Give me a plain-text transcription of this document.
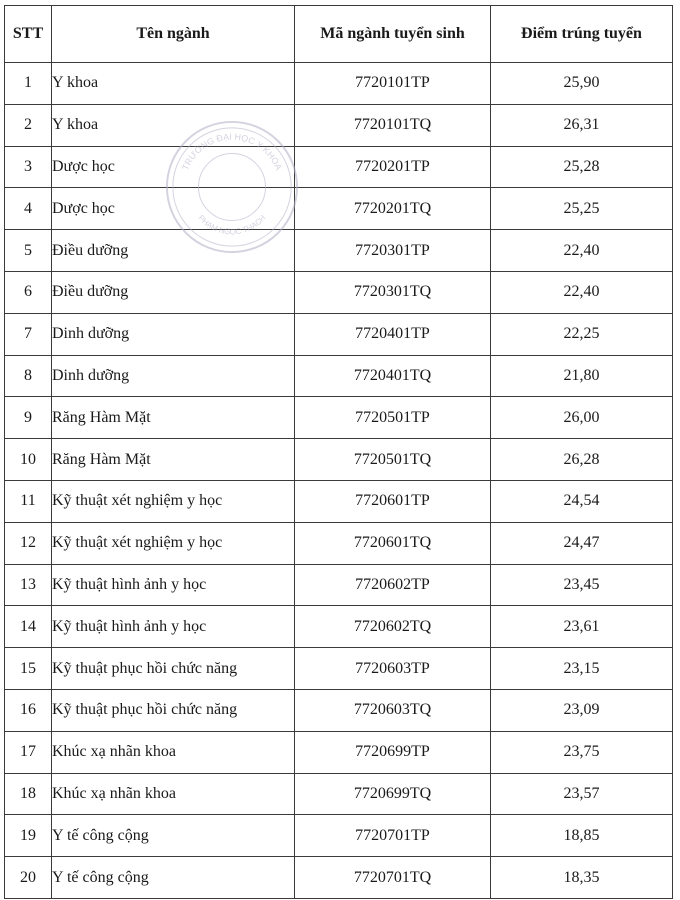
STT	Tên ngành	Mã ngành tuyển sinh	Điểm trúng tuyển
1	Y khoa	7720101TP	25,90
2	Y khoa	7720101TQ	26,31
3	Dược học	7720201TP	25,28
4	Dược học	7720201TQ	25,25
5	Điều dưỡng	7720301TP	22,40
6	Điều dưỡng	7720301TQ	22,40
7	Dinh dưỡng	7720401TP	22,25
8	Dinh dưỡng	7720401TQ	21,80
9	Răng Hàm Mặt	7720501TP	26,00
10	Răng Hàm Mặt	7720501TQ	26,28
11	Kỹ thuật xét nghiệm y học	7720601TP	24,54
12	Kỹ thuật xét nghiệm y học	7720601TQ	24,47
13	Kỹ thuật hình ảnh y học	7720602TP	23,45
14	Kỹ thuật hình ảnh y học	7720602TQ	23,61
15	Kỹ thuật phục hồi chức năng	7720603TP	23,15
16	Kỹ thuật phục hồi chức năng	7720603TQ	23,09
17	Khúc xạ nhãn khoa	7720699TP	23,75
18	Khúc xạ nhãn khoa	7720699TQ	23,57
19	Y tế công cộng	7720701TP	18,85
20	Y tế công cộng	7720701TQ	18,35
TRƯỜNG ĐẠI HỌC Y KHOA
PHẠM NGỌC THẠCH
